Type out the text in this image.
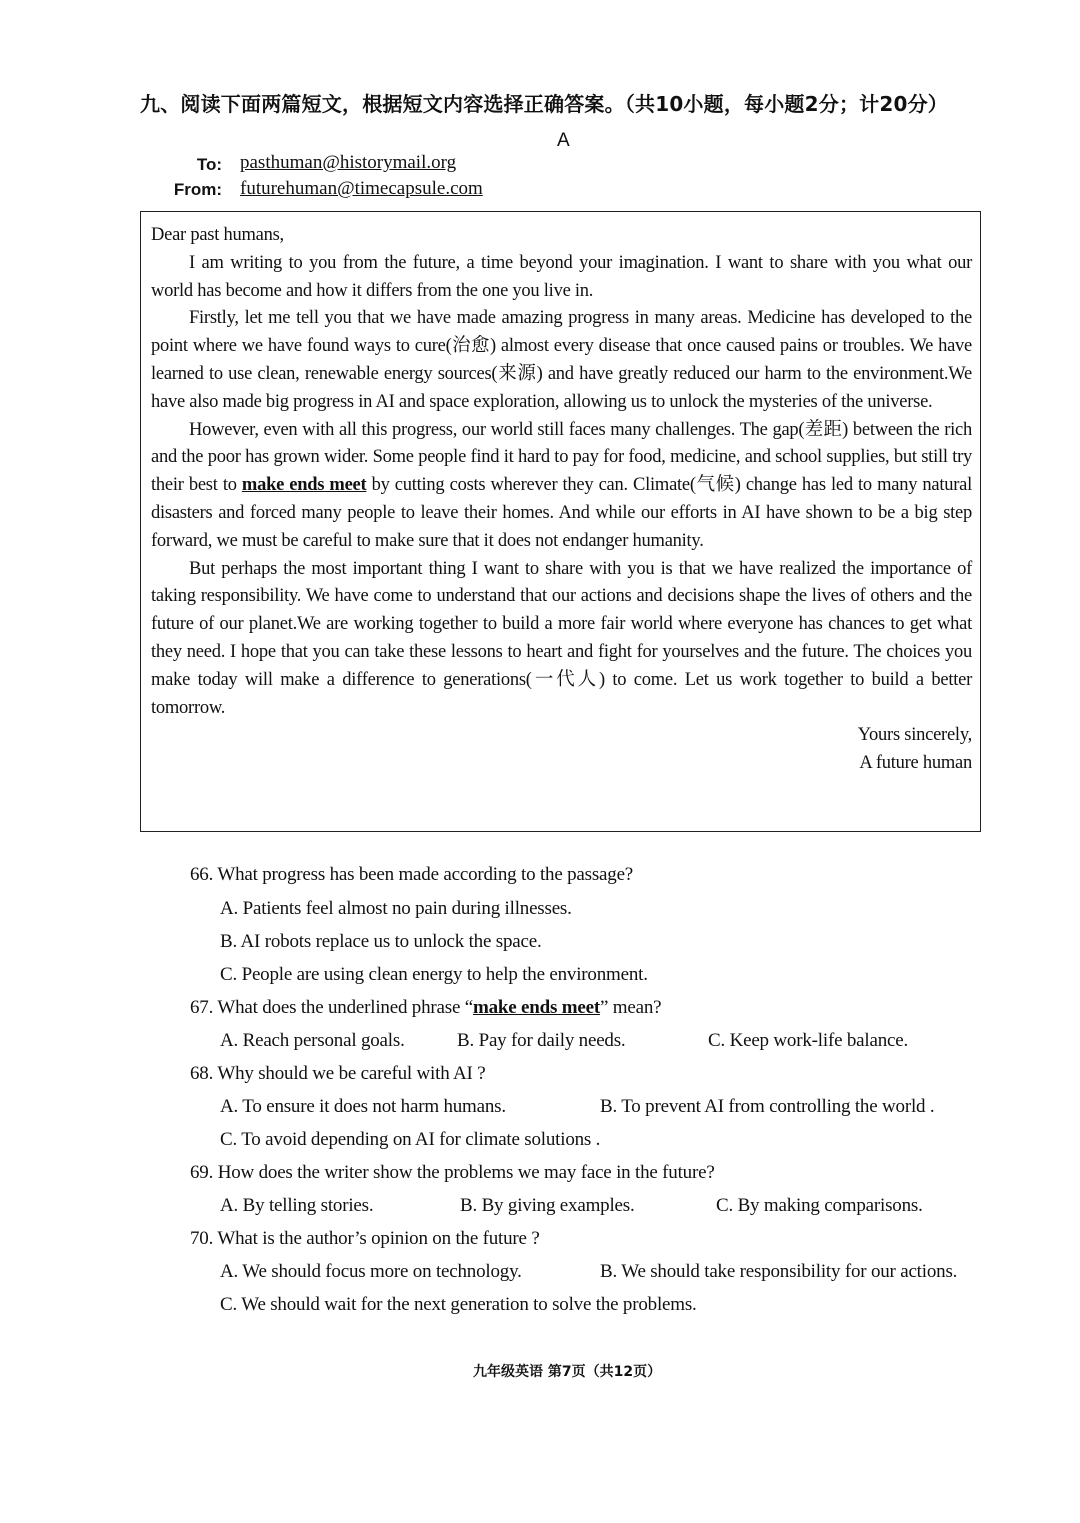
九、阅读下面两篇短文，根据短文内容选择正确答案。（共10小题，每小题2分；计20分）
A
To: pasthuman@historymail.org
From: futurehuman@timecapsule.com

Dear past humans,

I am writing to you from the future, a time beyond your imagination. I want to share with you what our world has become and how it differs from the one you live in.

Firstly, let me tell you that we have made amazing progress in many areas. Medicine has developed to the point where we have found ways to cure(治愈) almost every disease that once caused pains or troubles. We have learned to use clean, renewable energy sources(来源) and have greatly reduced our harm to the environment.We have also made big progress in AI and space exploration, allowing us to unlock the mysteries of the universe.

However, even with all this progress, our world still faces many challenges. The gap(差距) between the rich and the poor has grown wider. Some people find it hard to pay for food, medicine, and school supplies, but still try their best to make ends meet by cutting costs wherever they can. Climate(气候) change has led to many natural disasters and forced many people to leave their homes. And while our efforts in AI have shown to be a big step forward, we must be careful to make sure that it does not endanger humanity.

But perhaps the most important thing I want to share with you is that we have realized the importance of taking responsibility. We have come to understand that our actions and decisions shape the lives of others and the future of our planet.We are working together to build a more fair world where everyone has chances to get what they need. I hope that you can take these lessons to heart and fight for yourselves and the future. The choices you make today will make a difference to generations(一代人) to come. Let us work together to build a better tomorrow.

Yours sincerely,
A future human
66. What progress has been made according to the passage?
A. Patients feel almost no pain during illnesses.
B. AI robots replace us to unlock the space.
C. People are using clean energy to help the environment.
67. What does the underlined phrase “make ends meet” mean?
A. Reach personal goals.	B. Pay for daily needs.	C. Keep work-life balance.
68. Why should we be careful with AI ?
A. To ensure it does not harm humans.	B. To prevent AI from controlling the world .
C. To avoid depending on AI for climate solutions .
69. How does the writer show the problems we may face in the future?
A. By telling stories.	B. By giving examples.	C. By making comparisons.
70. What is the author’s opinion on the future ?
A. We should focus more on technology.	B. We should take responsibility for our actions.
C. We should wait for the next generation to solve the problems.
九年级英语 第7页（共12页）
